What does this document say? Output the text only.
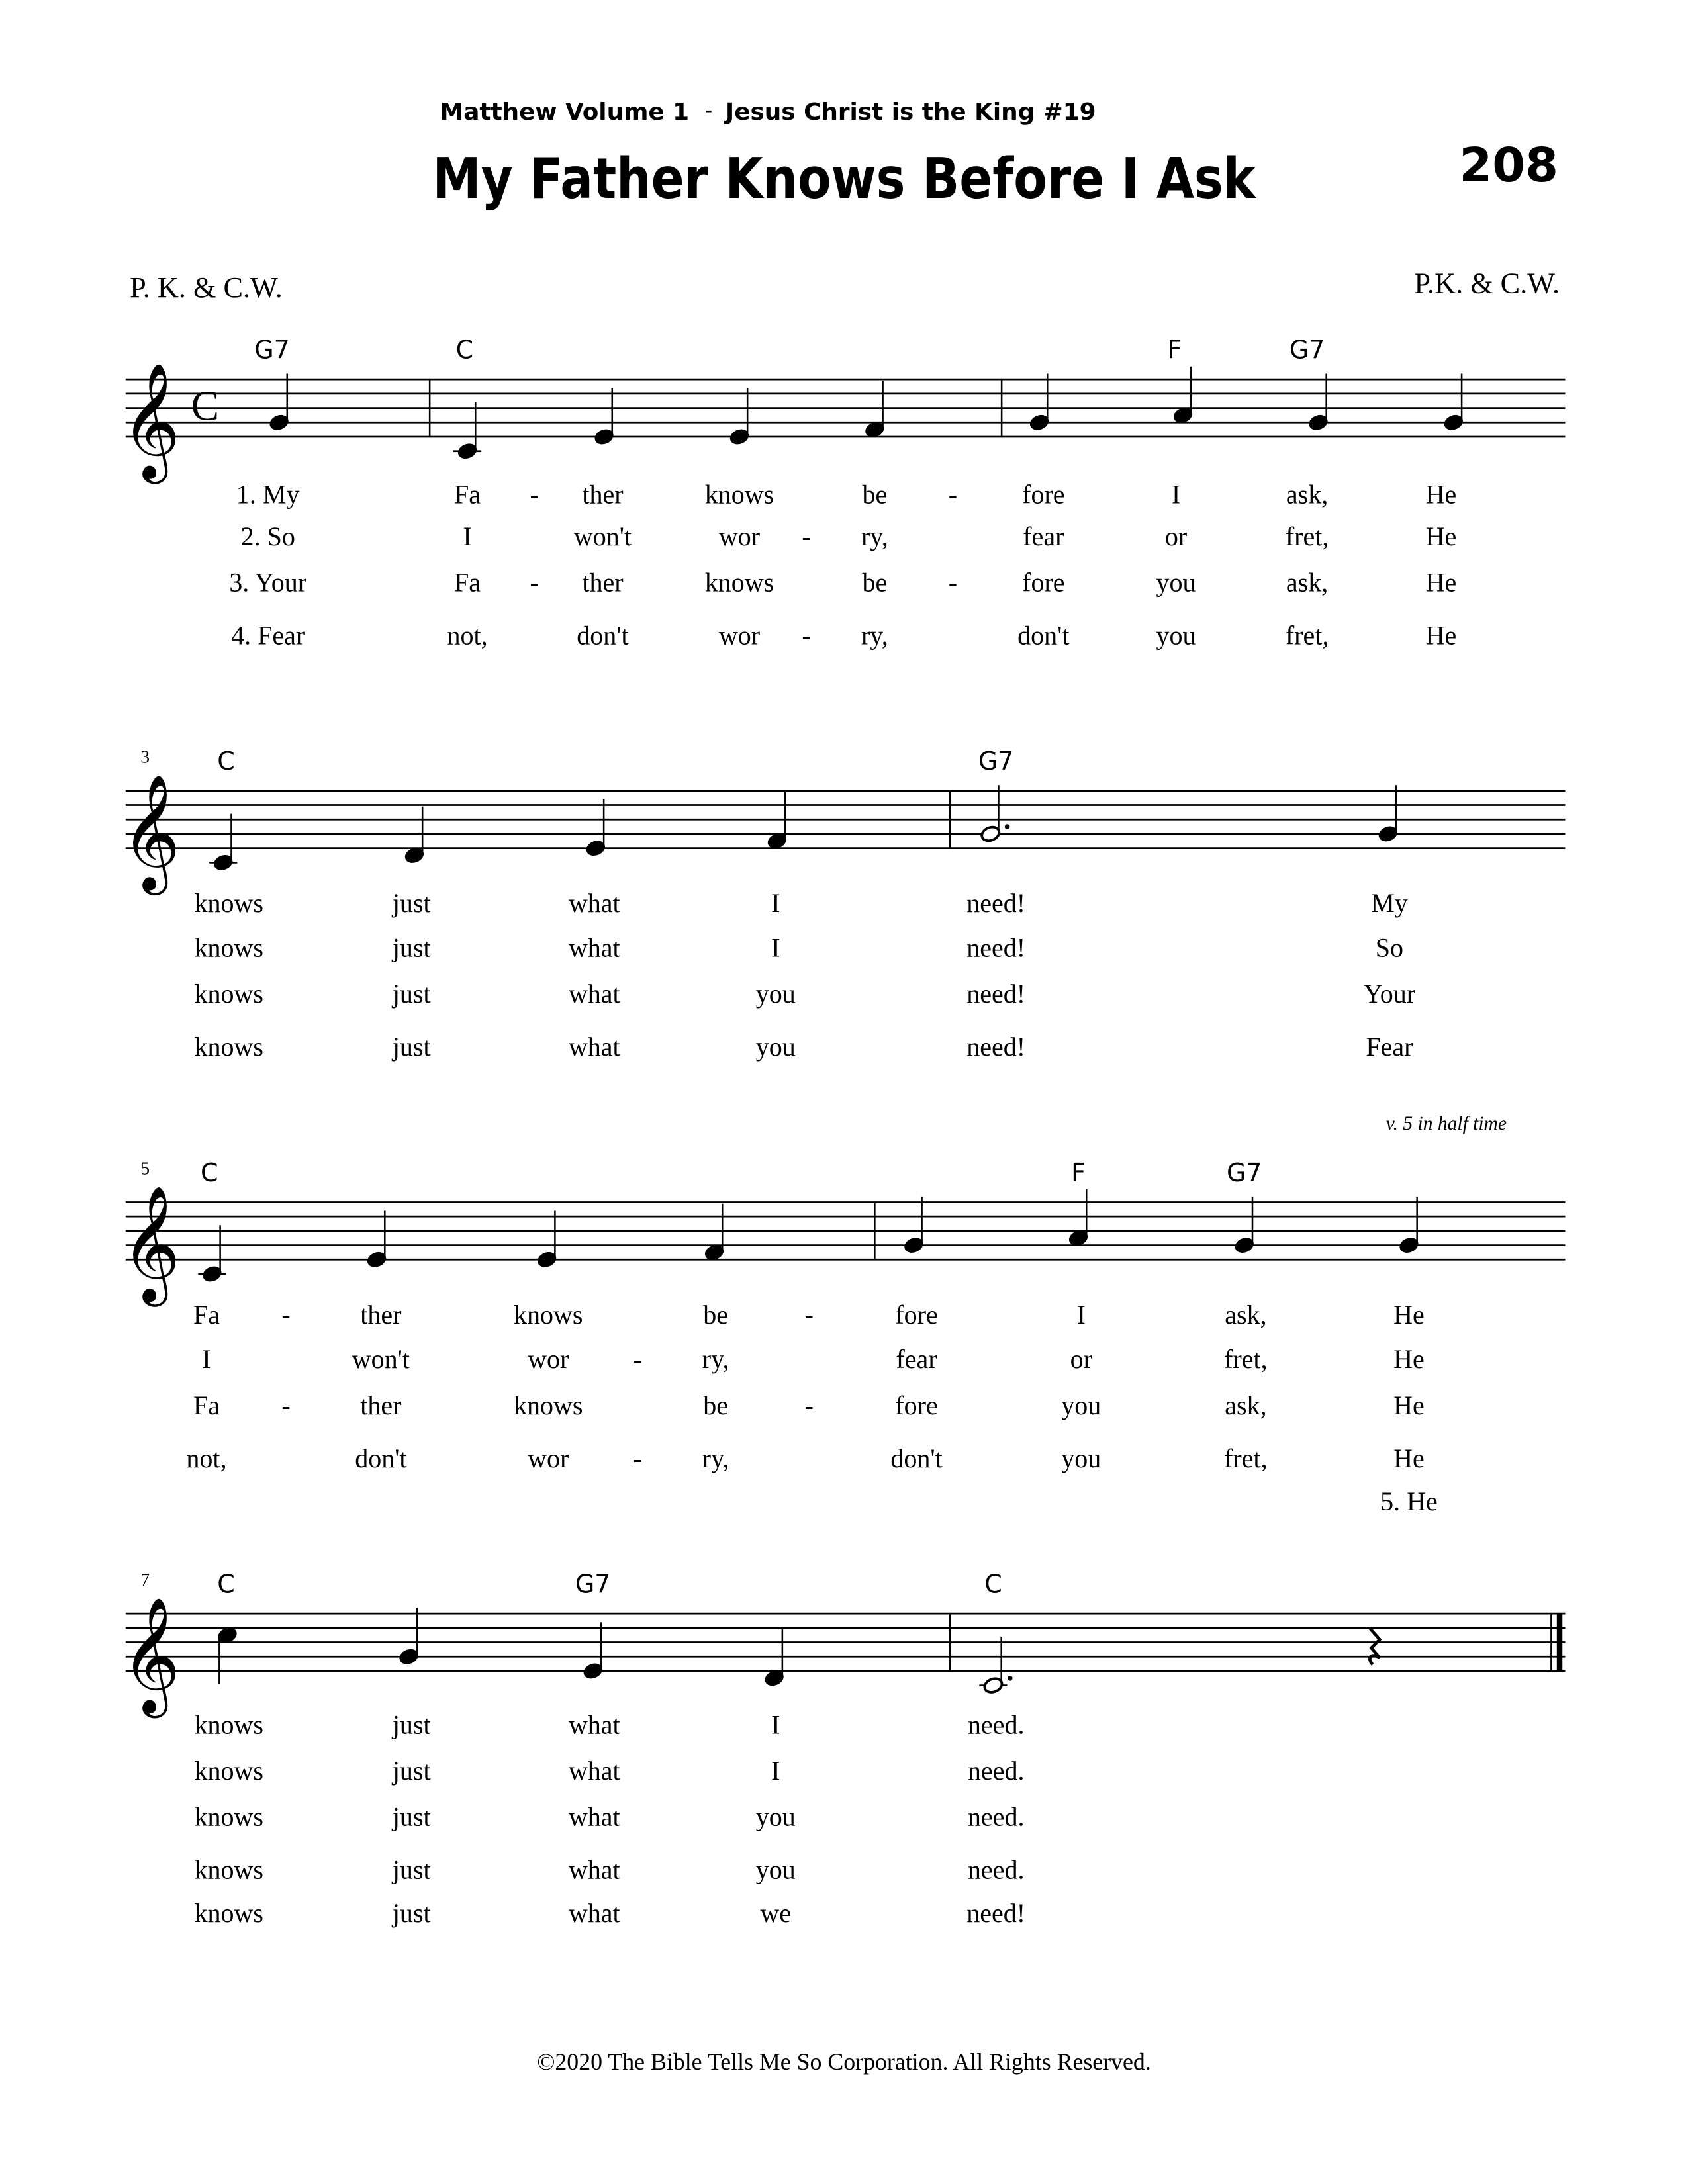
Matthew Volume 1 - Jesus Christ is the King #19
My Father Knows Before I Ask	208
P. K. & C.W.	P.K. & C.W.
v. 5 in half time
©2020 The Bible Tells Me So Corporation. All Rights Reserved.
𝄞 C
G7	C	F	G7
1. My	Fa	-	ther	knows	be	-	fore	I	ask,	He
2. So	I	won't	wor	-	ry,	fear	or	fret,	He
3. Your	Fa	-	ther	knows	be	-	fore	you	ask,	He
4. Fear	not,	don't	wor	-	ry,	don't	you	fret,	He
𝄞
3	C	G7
knows	just	what	I	need!	My
knows	just	what	I	need!	So
knows	just	what	you	need!	Your
knows	just	what	you	need!	Fear
𝄞
5	C	F	G7
Fa	-	ther	knows	be	-	fore	I	ask,	He
I	won't	wor	-	ry,	fear	or	fret,	He
Fa	-	ther	knows	be	-	fore	you	ask,	He
not,	don't	wor	-	ry,	don't	you	fret,	He
5. He
𝄞
7	C	G7	C
knows	just	what	I	need.
knows	just	what	I	need.
knows	just	what	you	need.
knows	just	what	you	need.
knows	just	what	we	need!
